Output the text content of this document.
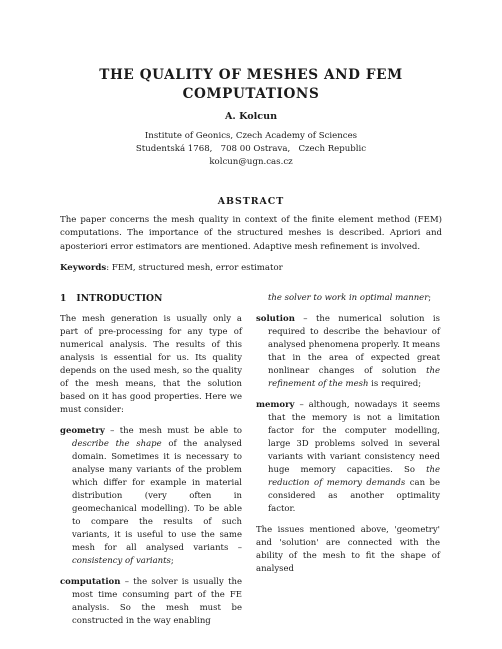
THE QUALITY OF MESHES AND FEM COMPUTATIONS
A. Kolcun
Institute of Geonics, Czech Academy of Sciences
Studentská 1768,   708 00 Ostrava,   Czech Republic
kolcun@ugn.cas.cz
ABSTRACT
The paper concerns the mesh quality in context of the finite element method (FEM) computations. The importance of the structured meshes is described. Apriori and aposteriori error estimators are mentioned. Adaptive mesh refinement is involved.
Keywords: FEM, structured mesh, error estimator
1 INTRODUCTION

The mesh generation is usually only a part of pre-processing for any type of numerical analysis. The results of this analysis is essential for us. Its quality depends on the used mesh, so the quality of the mesh means, that the solution based on it has good properties. Here we must consider:

geometry – the mesh must be able to describe the shape of the analysed domain. Sometimes it is necessary to analyse many variants of the problem which differ for example in material distribution (very often in geomechanical modelling). To be able to compare the results of such variants, it is useful to use the same mesh for all analysed variants – consistency of variants;
computation – the solver is usually the most time consuming part of the FE analysis. So the mesh must be constructed in the way enabling
the solver to work in optimal manner;
solution – the numerical solution is required to describe the behaviour of analysed phenomena properly. It means that in the area of expected great nonlinear changes of solution the refinement of the mesh is required;
memory – although, nowadays it seems that the memory is not a limitation factor for the computer modelling, large 3D problems solved in several variants with variant consistency need huge memory capacities. So the reduction of memory demands can be considered as another optimality factor.

The issues mentioned above, 'geometry' and 'solution' are connected with the ability of the mesh to fit the shape of analysed
